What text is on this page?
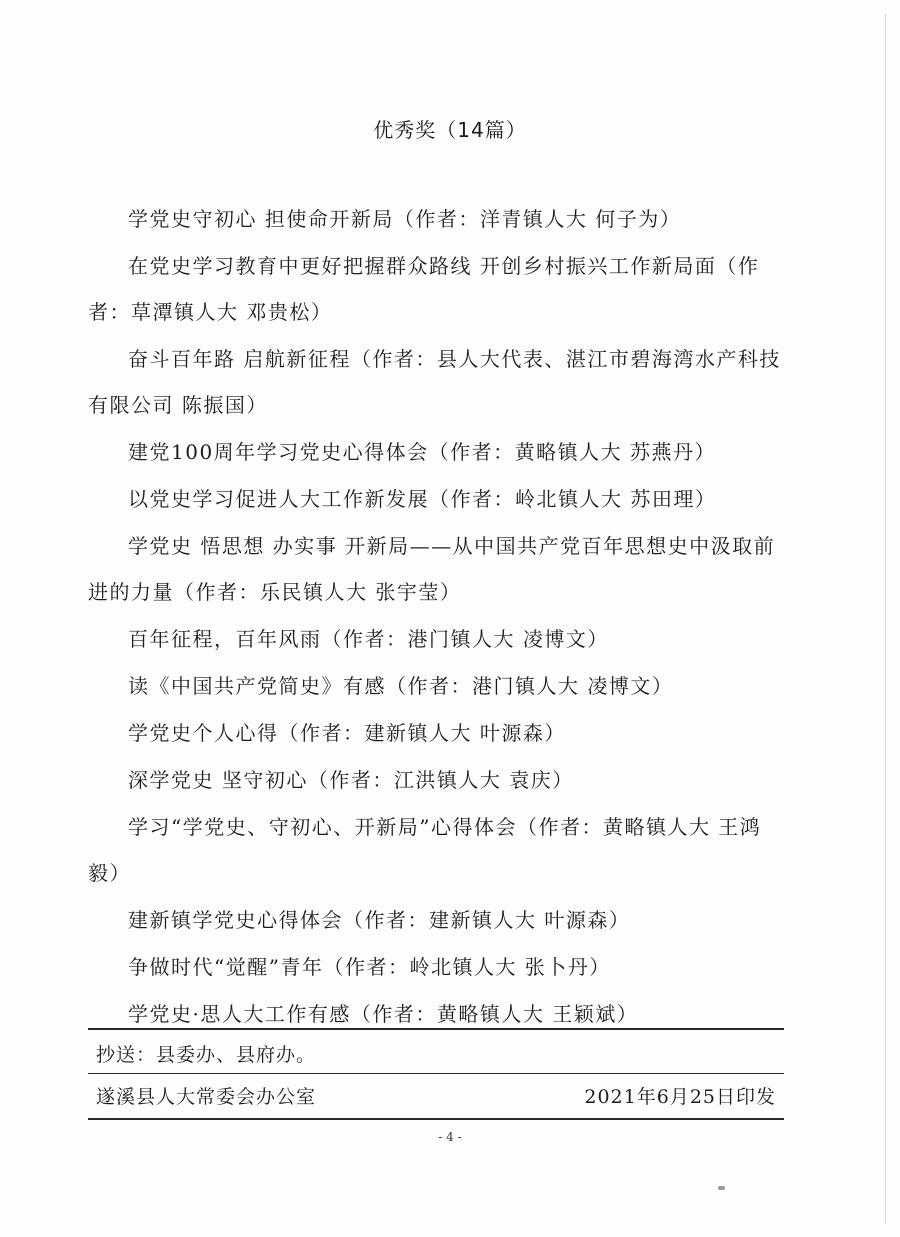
优秀奖（14篇）
学党史守初心 担使命开新局（作者：洋青镇人大 何子为）
在党史学习教育中更好把握群众路线 开创乡村振兴工作新局面（作者：草潭镇人大 邓贵松）
奋斗百年路 启航新征程（作者：县人大代表、湛江市碧海湾水产科技有限公司 陈振国）
建党100周年学习党史心得体会（作者：黄略镇人大 苏燕丹）
以党史学习促进人大工作新发展（作者：岭北镇人大 苏田理）
学党史 悟思想 办实事 开新局——从中国共产党百年思想史中汲取前进的力量（作者：乐民镇人大 张宇莹）
百年征程，百年风雨（作者：港门镇人大 凌博文）
读《中国共产党简史》有感（作者：港门镇人大 凌博文）
学党史个人心得（作者：建新镇人大 叶源森）
深学党史 坚守初心（作者：江洪镇人大 袁庆）
学习“学党史、守初心、开新局”心得体会（作者：黄略镇人大 王鸿毅）
建新镇学党史心得体会（作者：建新镇人大 叶源森）
争做时代“觉醒”青年（作者：岭北镇人大 张卜丹）
学党史·思人大工作有感（作者：黄略镇人大 王颖斌）
抄送：县委办、县府办。
遂溪县人大常委会办公室	2021年6月25日印发
- 4 -
